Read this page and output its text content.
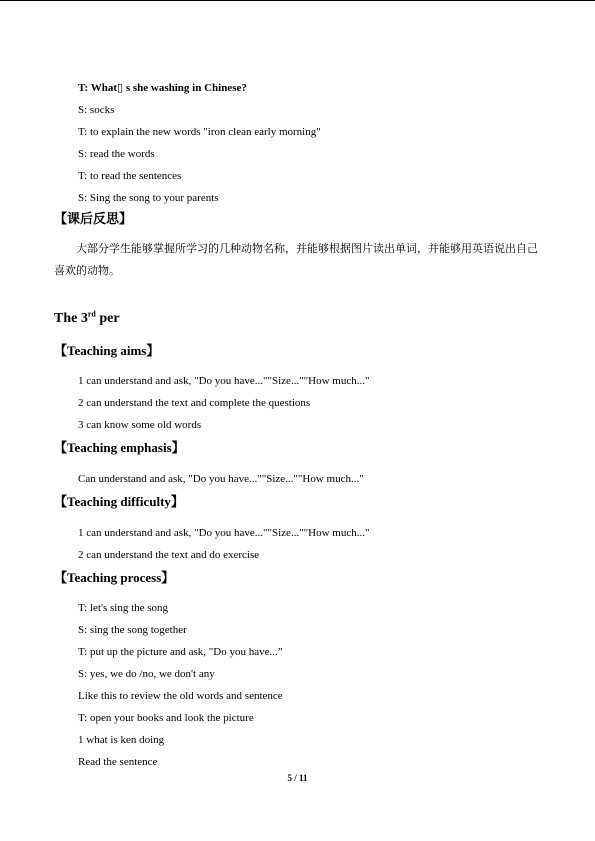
T: What▯ s she washing in Chinese?
S: socks
T: to explain the new words "iron clean early morning"
S: read the words
T: to read the sentences
S: Sing the song to your parents
【课后反思】
大部分学生能够掌握所学习的几种动物名称，并能够根据图片读出单词，并能够用英语说出自己喜欢的动物。
The 3rd per
【Teaching aims】
1 can understand and ask, "Do you have...""Size...""How much..."
2 can understand the text and complete the questions
3 can know some old words
【Teaching emphasis】
Can understand and ask, "Do you have...""Size...""How much..."
【Teaching difficulty】
1 can understand and ask, "Do you have...""Size...""How much..."
2 can understand the text and do exercise
【Teaching process】
T: let's sing the song
S: sing the song together
T: put up the picture and ask, "Do you have...”
S: yes, we do /no, we don't any
Like this to review the old words and sentence
T: open your books and look the picture
1 what is ken doing
Read the sentence
5 / 11
